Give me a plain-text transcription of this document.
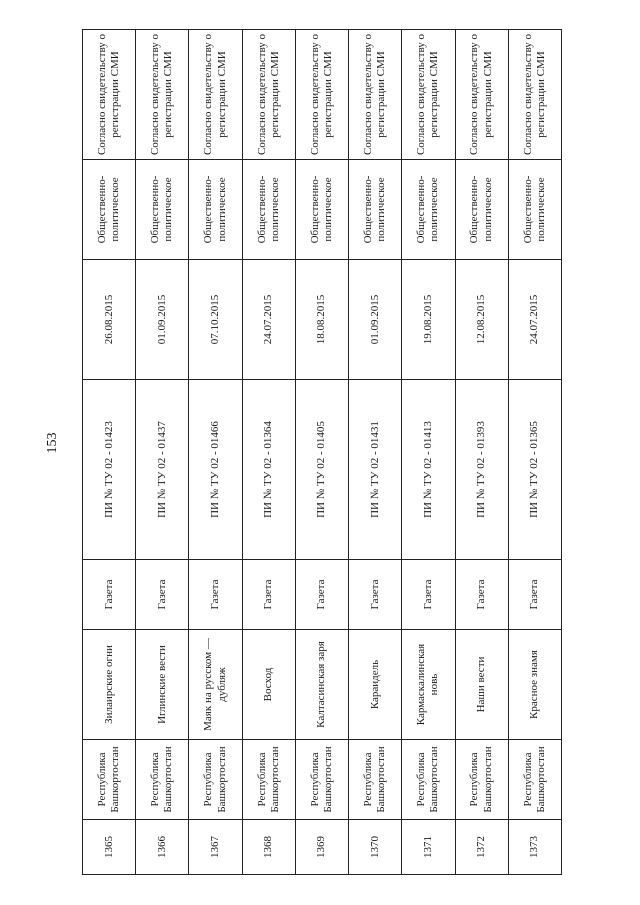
153
1365	Республика Башкортостан	Зилаирские огни	Газета	ПИ № ТУ 02 - 01423	26.08.2015	Общественно-политическое	Согласно свидетельству о регистрации СМИ
1366	Республика Башкортостан	Иглинские вести	Газета	ПИ № ТУ 02 - 01437	01.09.2015	Общественно-политическое	Согласно свидетельству о регистрации СМИ
1367	Республика Башкортостан	Маяк на русском — дубляж	Газета	ПИ № ТУ 02 - 01466	07.10.2015	Общественно-политическое	Согласно свидетельству о регистрации СМИ
1368	Республика Башкортостан	Восход	Газета	ПИ № ТУ 02 - 01364	24.07.2015	Общественно-политическое	Согласно свидетельству о регистрации СМИ
1369	Республика Башкортостан	Калтасинская заря	Газета	ПИ № ТУ 02 - 01405	18.08.2015	Общественно-политическое	Согласно свидетельству о регистрации СМИ
1370	Республика Башкортостан	Караидель	Газета	ПИ № ТУ 02 - 01431	01.09.2015	Общественно-политическое	Согласно свидетельству о регистрации СМИ
1371	Республика Башкортостан	Кармаскалинская новь	Газета	ПИ № ТУ 02 - 01413	19.08.2015	Общественно-политическое	Согласно свидетельству о регистрации СМИ
1372	Республика Башкортостан	Наши вести	Газета	ПИ № ТУ 02 - 01393	12.08.2015	Общественно-политическое	Согласно свидетельству о регистрации СМИ
1373	Республика Башкортостан	Красное знамя	Газета	ПИ № ТУ 02 - 01365	24.07.2015	Общественно-политическое	Согласно свидетельству о регистрации СМИ
